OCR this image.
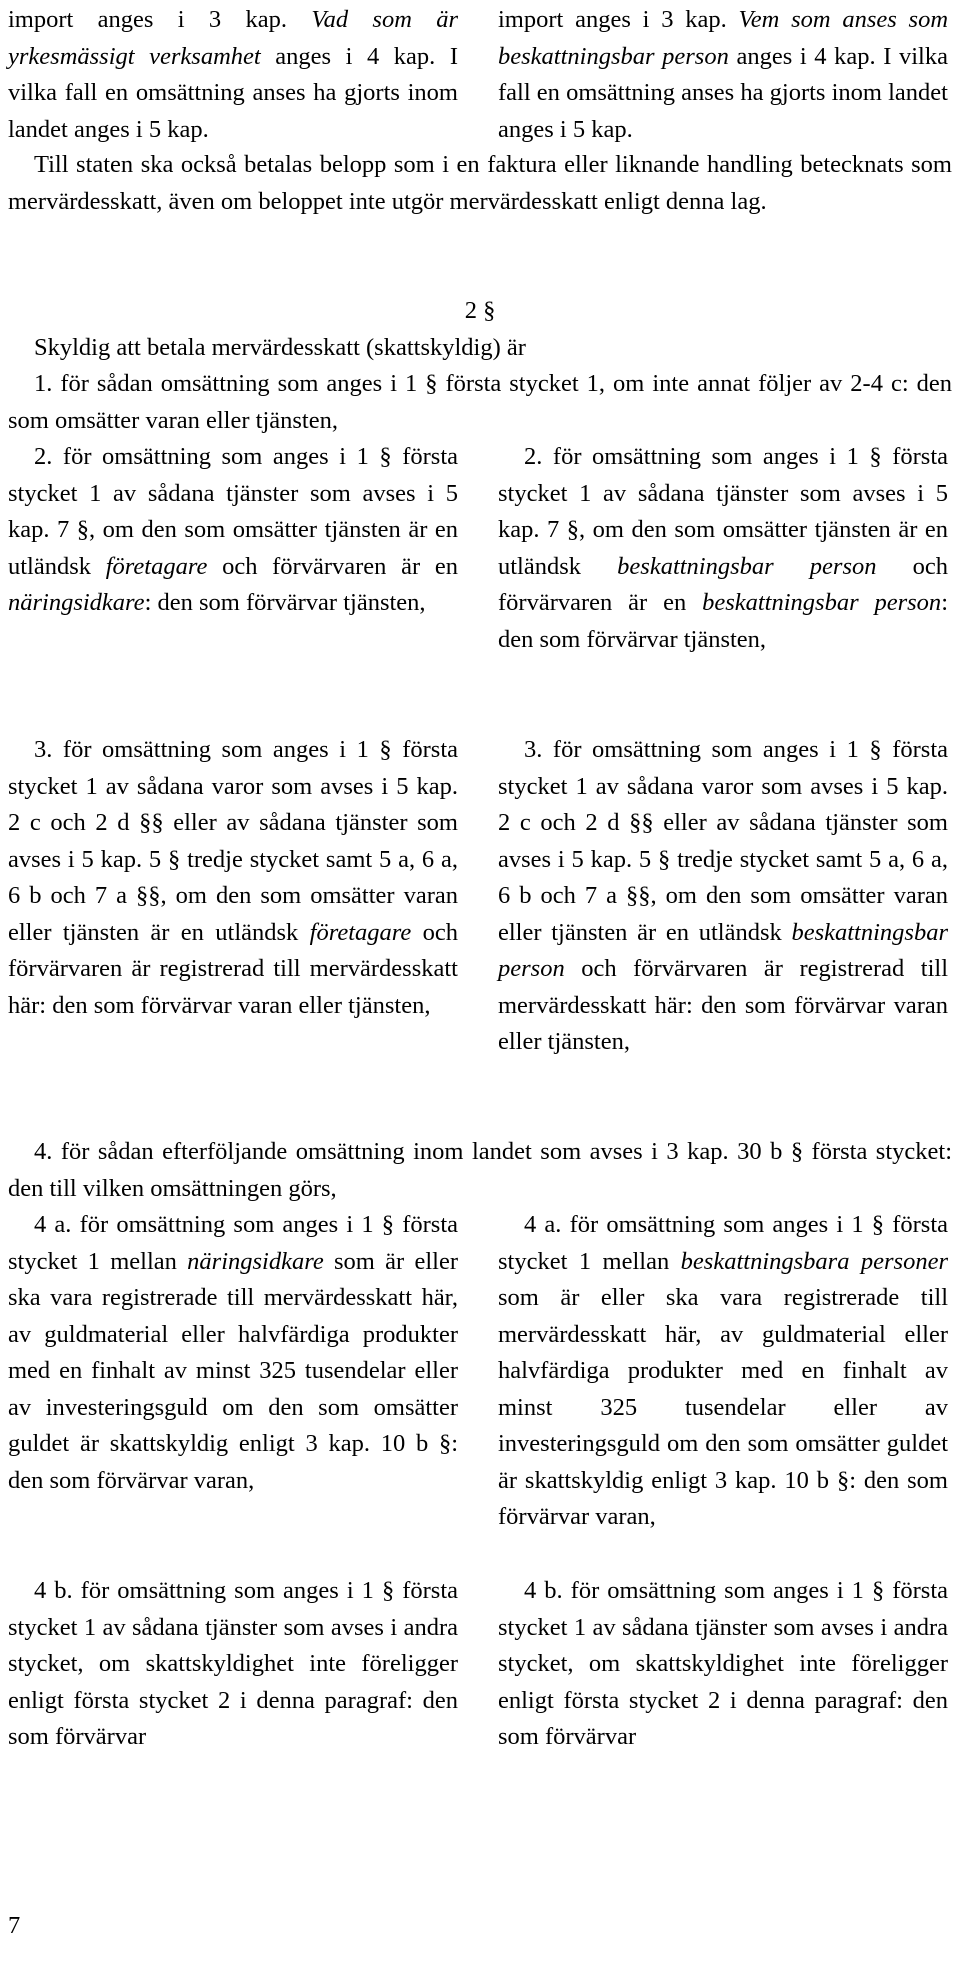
import anges i 3 kap. Vad som är yrkesmässigt verksamhet anges i 4 kap. I vilka fall en omsättning anses ha gjorts inom landet anges i 5 kap.

import anges i 3 kap. Vem som anses som beskattningsbar person anges i 4 kap. I vilka fall en omsättning anses ha gjorts inom landet anges i 5 kap.

Till staten ska också betalas belopp som i en faktura eller liknande handling betecknats som mervärdesskatt, även om beloppet inte utgör mervärdesskatt enligt denna lag.

2 §

Skyldig att betala mervärdesskatt (skattskyldig) är

1. för sådan omsättning som anges i 1 § första stycket 1, om inte annat följer av 2-4 c: den som omsätter varan eller tjänsten,

2. för omsättning som anges i 1 § första stycket 1 av sådana tjänster som avses i 5 kap. 7 §, om den som omsätter tjänsten är en utländsk företagare och förvärvaren är en näringsidkare: den som förvärvar tjänsten,

2. för omsättning som anges i 1 § första stycket 1 av sådana tjänster som avses i 5 kap. 7 §, om den som omsätter tjänsten är en utländsk beskattningsbar person och förvärvaren är en beskattningsbar person: den som förvärvar tjänsten,

3. för omsättning som anges i 1 § första stycket 1 av sådana varor som avses i 5 kap. 2 c och 2 d §§ eller av sådana tjänster som avses i 5 kap. 5 § tredje stycket samt 5 a, 6 a, 6 b och 7 a §§, om den som omsätter varan eller tjänsten är en utländsk företagare och förvärvaren är registrerad till mervärdesskatt här: den som förvärvar varan eller tjänsten,

3. för omsättning som anges i 1 § första stycket 1 av sådana varor som avses i 5 kap. 2 c och 2 d §§ eller av sådana tjänster som avses i 5 kap. 5 § tredje stycket samt 5 a, 6 a, 6 b och 7 a §§, om den som omsätter varan eller tjänsten är en utländsk beskattningsbar person och förvärvaren är registrerad till mervärdesskatt här: den som förvärvar varan eller tjänsten,

4. för sådan efterföljande omsättning inom landet som avses i 3 kap. 30 b § första stycket: den till vilken omsättningen görs,

4 a. för omsättning som anges i 1 § första stycket 1 mellan näringsidkare som är eller ska vara registrerade till mervärdesskatt här, av guldmaterial eller halvfärdiga produkter med en finhalt av minst 325 tusendelar eller av investeringsguld om den som omsätter guldet är skattskyldig enligt 3 kap. 10 b §: den som förvärvar varan,

4 a. för omsättning som anges i 1 § första stycket 1 mellan beskattningsbara personer som är eller ska vara registrerade till mervärdesskatt här, av guldmaterial eller halvfärdiga produkter med en finhalt av minst 325 tusendelar eller av investeringsguld om den som omsätter guldet är skattskyldig enligt 3 kap. 10 b §: den som förvärvar varan,

4 b. för omsättning som anges i 1 § första stycket 1 av sådana tjänster som avses i andra stycket, om skattskyldighet inte föreligger enligt första stycket 2 i denna paragraf: den som förvärvar

4 b. för omsättning som anges i 1 § första stycket 1 av sådana tjänster som avses i andra stycket, om skattskyldighet inte föreligger enligt första stycket 2 i denna paragraf: den som förvärvar

7
